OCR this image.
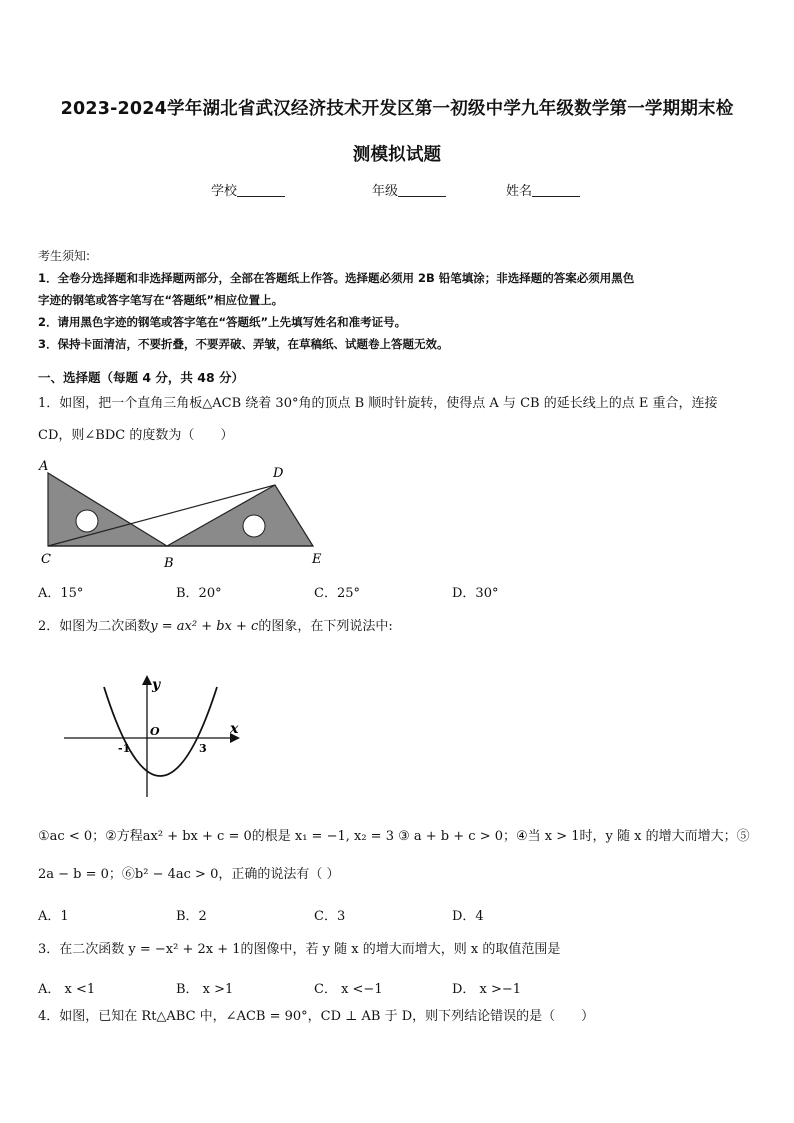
2023-2024学年湖北省武汉经济技术开发区第一初级中学九年级数学第一学期期末检
测模拟试题
学校	年级	姓名
考生须知:
1．全卷分选择题和非选择题两部分，全部在答题纸上作答。选择题必须用 2B 铅笔填涂；非选择题的答案必须用黑色
字迹的钢笔或答字笔写在“答题纸”相应位置上。
2．请用黑色字迹的钢笔或答字笔在“答题纸”上先填写姓名和准考证号。
3．保持卡面清洁，不要折叠，不要弄破、弄皱，在草稿纸、试题卷上答题无效。
一、选择题（每题 4 分，共 48 分）
1．如图，把一个直角三角板△ACB 绕着 30°角的顶点 B 顺时针旋转，使得点 A 与 CB 的延长线上的点 E 重合，连接
CD，则∠BDC 的度数为（　　）
A
C	B
D
E
A．15°	B．20°	C．25°	D．30°
2．如图为二次函数y = ax² + bx + c的图象，在下列说法中:
y
x
O
-1	3
①ac < 0；②方程ax² + bx + c = 0的根是 x₁ = −1, x₂ = 3 ③ a + b + c > 0；④当 x > 1时，y 随 x 的增大而增大；⑤
2a − b = 0；⑥b² − 4ac > 0，正确的说法有（ ）
A．1	B．2	C．3	D．4
3．在二次函数 y = −x² + 2x + 1的图像中，若 y 随 x 的增大而增大，则 x 的取值范围是
A． x <1	B． x >1	C． x <−1	D． x >−1
4．如图，已知在 Rt△ABC 中，∠ACB = 90°，CD ⊥ AB 于 D，则下列结论错误的是（　　）
